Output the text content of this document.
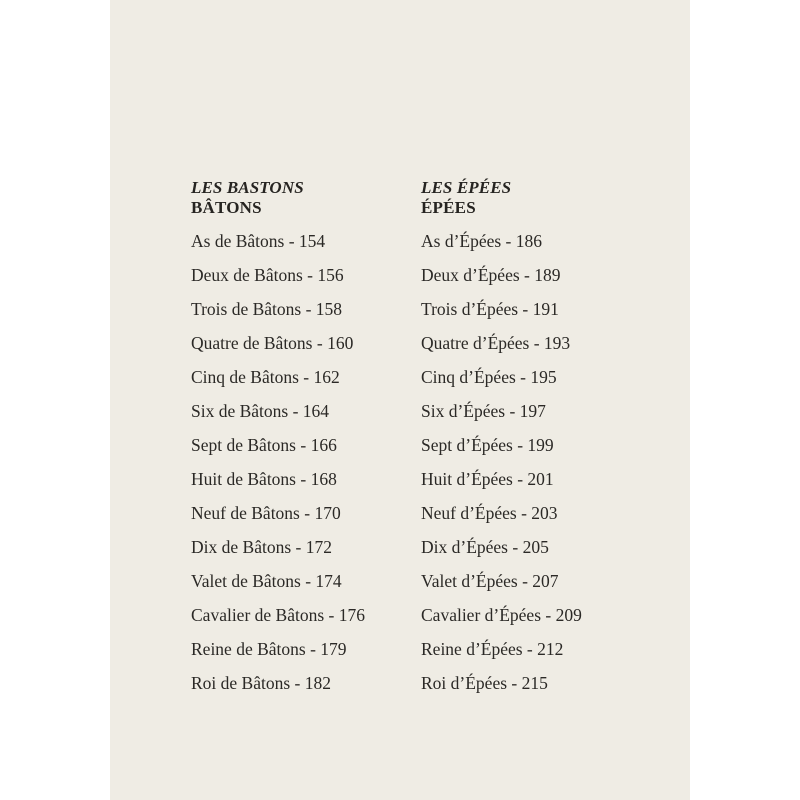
LES BASTONS

BÂTONS

As de Bâtons - 154
Deux de Bâtons - 156
Trois de Bâtons - 158
Quatre de Bâtons - 160
Cinq de Bâtons - 162
Six de Bâtons - 164
Sept de Bâtons - 166
Huit de Bâtons - 168
Neuf de Bâtons - 170
Dix de Bâtons - 172
Valet de Bâtons - 174
Cavalier de Bâtons - 176
Reine de Bâtons - 179
Roi de Bâtons - 182

LES ÉPÉES

ÉPÉES

As d’Épées - 186
Deux d’Épées - 189
Trois d’Épées - 191
Quatre d’Épées - 193
Cinq d’Épées - 195
Six d’Épées - 197
Sept d’Épées - 199
Huit d’Épées - 201
Neuf d’Épées - 203
Dix d’Épées - 205
Valet d’Épées - 207
Cavalier d’Épées - 209
Reine d’Épées - 212
Roi d’Épées - 215
